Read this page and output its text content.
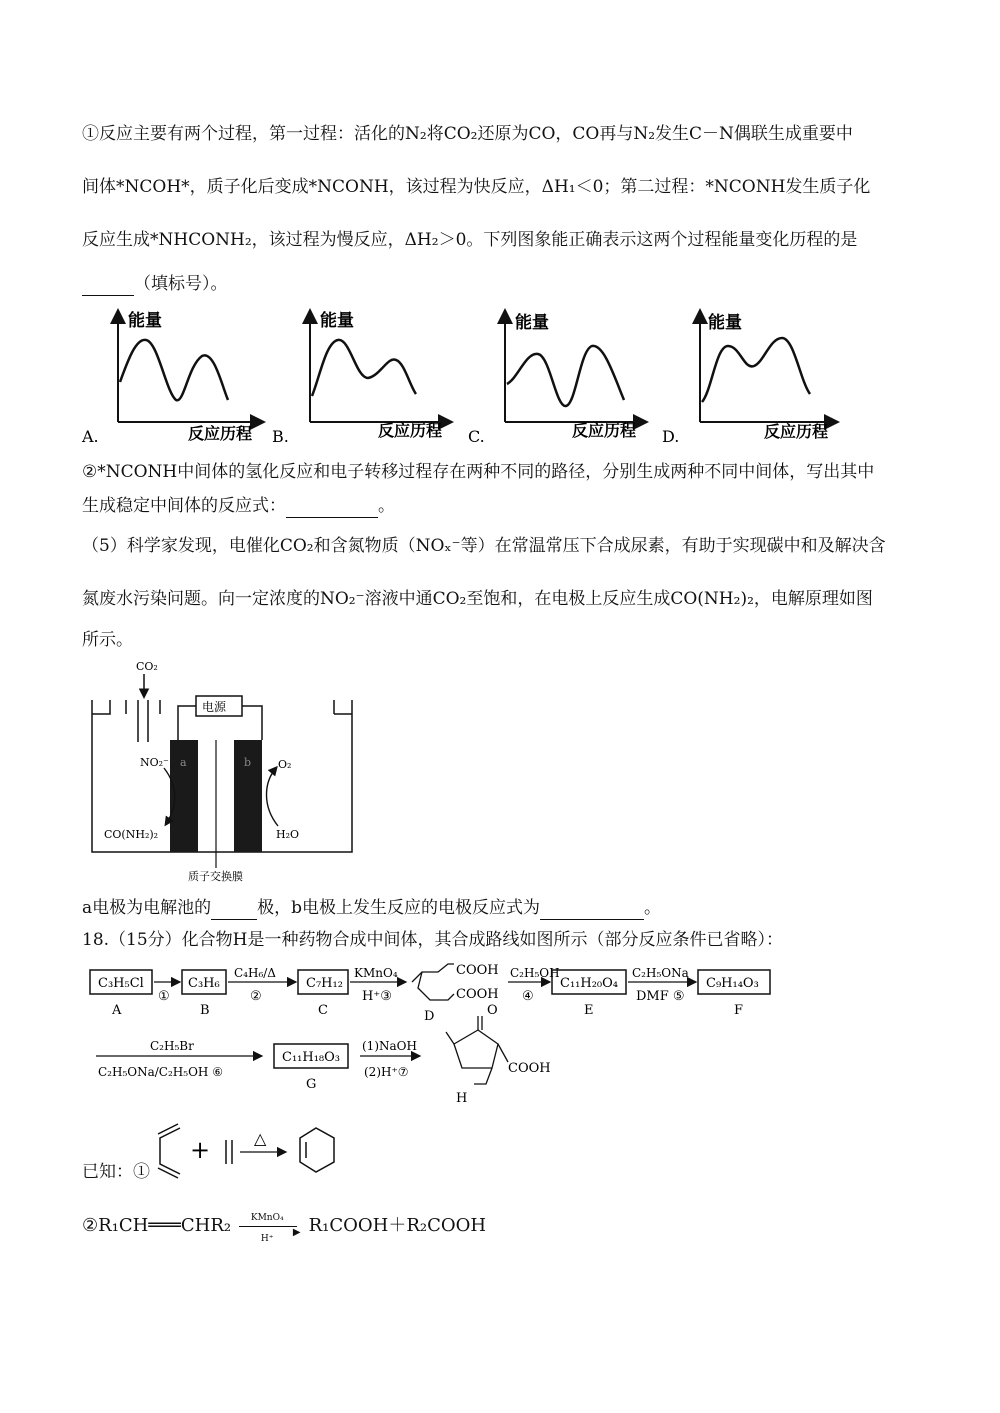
①反应主要有两个过程，第一过程：活化的N₂将CO₂还原为CO，CO再与N₂发生C－N偶联生成重要中
间体*NCOH*，质子化后变成*NCONH，该过程为快反应，ΔH₁＜0；第二过程：*NCONH发生质子化
反应生成*NHCONH₂，该过程为慢反应，ΔH₂＞0。下列图象能正确表示这两个过程能量变化历程的是
（填标号）。
能量
反应历程
A.
能量
反应历程
B.
能量
反应历程
C.
能量
反应历程
D.
②*NCONH中间体的氢化反应和电子转移过程存在两种不同的路径，分别生成两种不同中间体，写出其中
生成稳定中间体的反应式：	。
（5）科学家发现，电催化CO₂和含氮物质（NOₓ⁻等）在常温常压下合成尿素，有助于实现碳中和及解决含
氮废水污染问题。向一定浓度的NO₂⁻溶液中通CO₂至饱和，在电极上反应生成CO(NH₂)₂，电解原理如图
所示。
CO₂
电源
a	b
质子交换膜
NO₂⁻
CO(NH₂)₂
O₂
H₂O
a电极为电解池的	极，b电极上发生反应的电极反应式为	。
18.（15分）化合物H是一种药物合成中间体，其合成路线如图所示（部分反应条件已省略）：
C₃H₅Cl
A
①
C₃H₆
B
C₄H₆/Δ
②
C₇H₁₂
C
KMnO₄
H⁺③
COOH
COOH
D
C₂H₅OH
④
C₁₁H₂₀O₄
E
C₂H₅ONa
DMF ⑤
C₉H₁₄O₃
F
C₂H₅Br
C₂H₅ONa/C₂H₅OH ⑥
C₁₁H₁₈O₃
G
(1)NaOH
(2)H⁺⑦
O
COOH
H
已知：①
+	△
②R₁CH═══CHR₂ KMnO₄
▶
H⁺
R₁COOH＋R₂COOH
